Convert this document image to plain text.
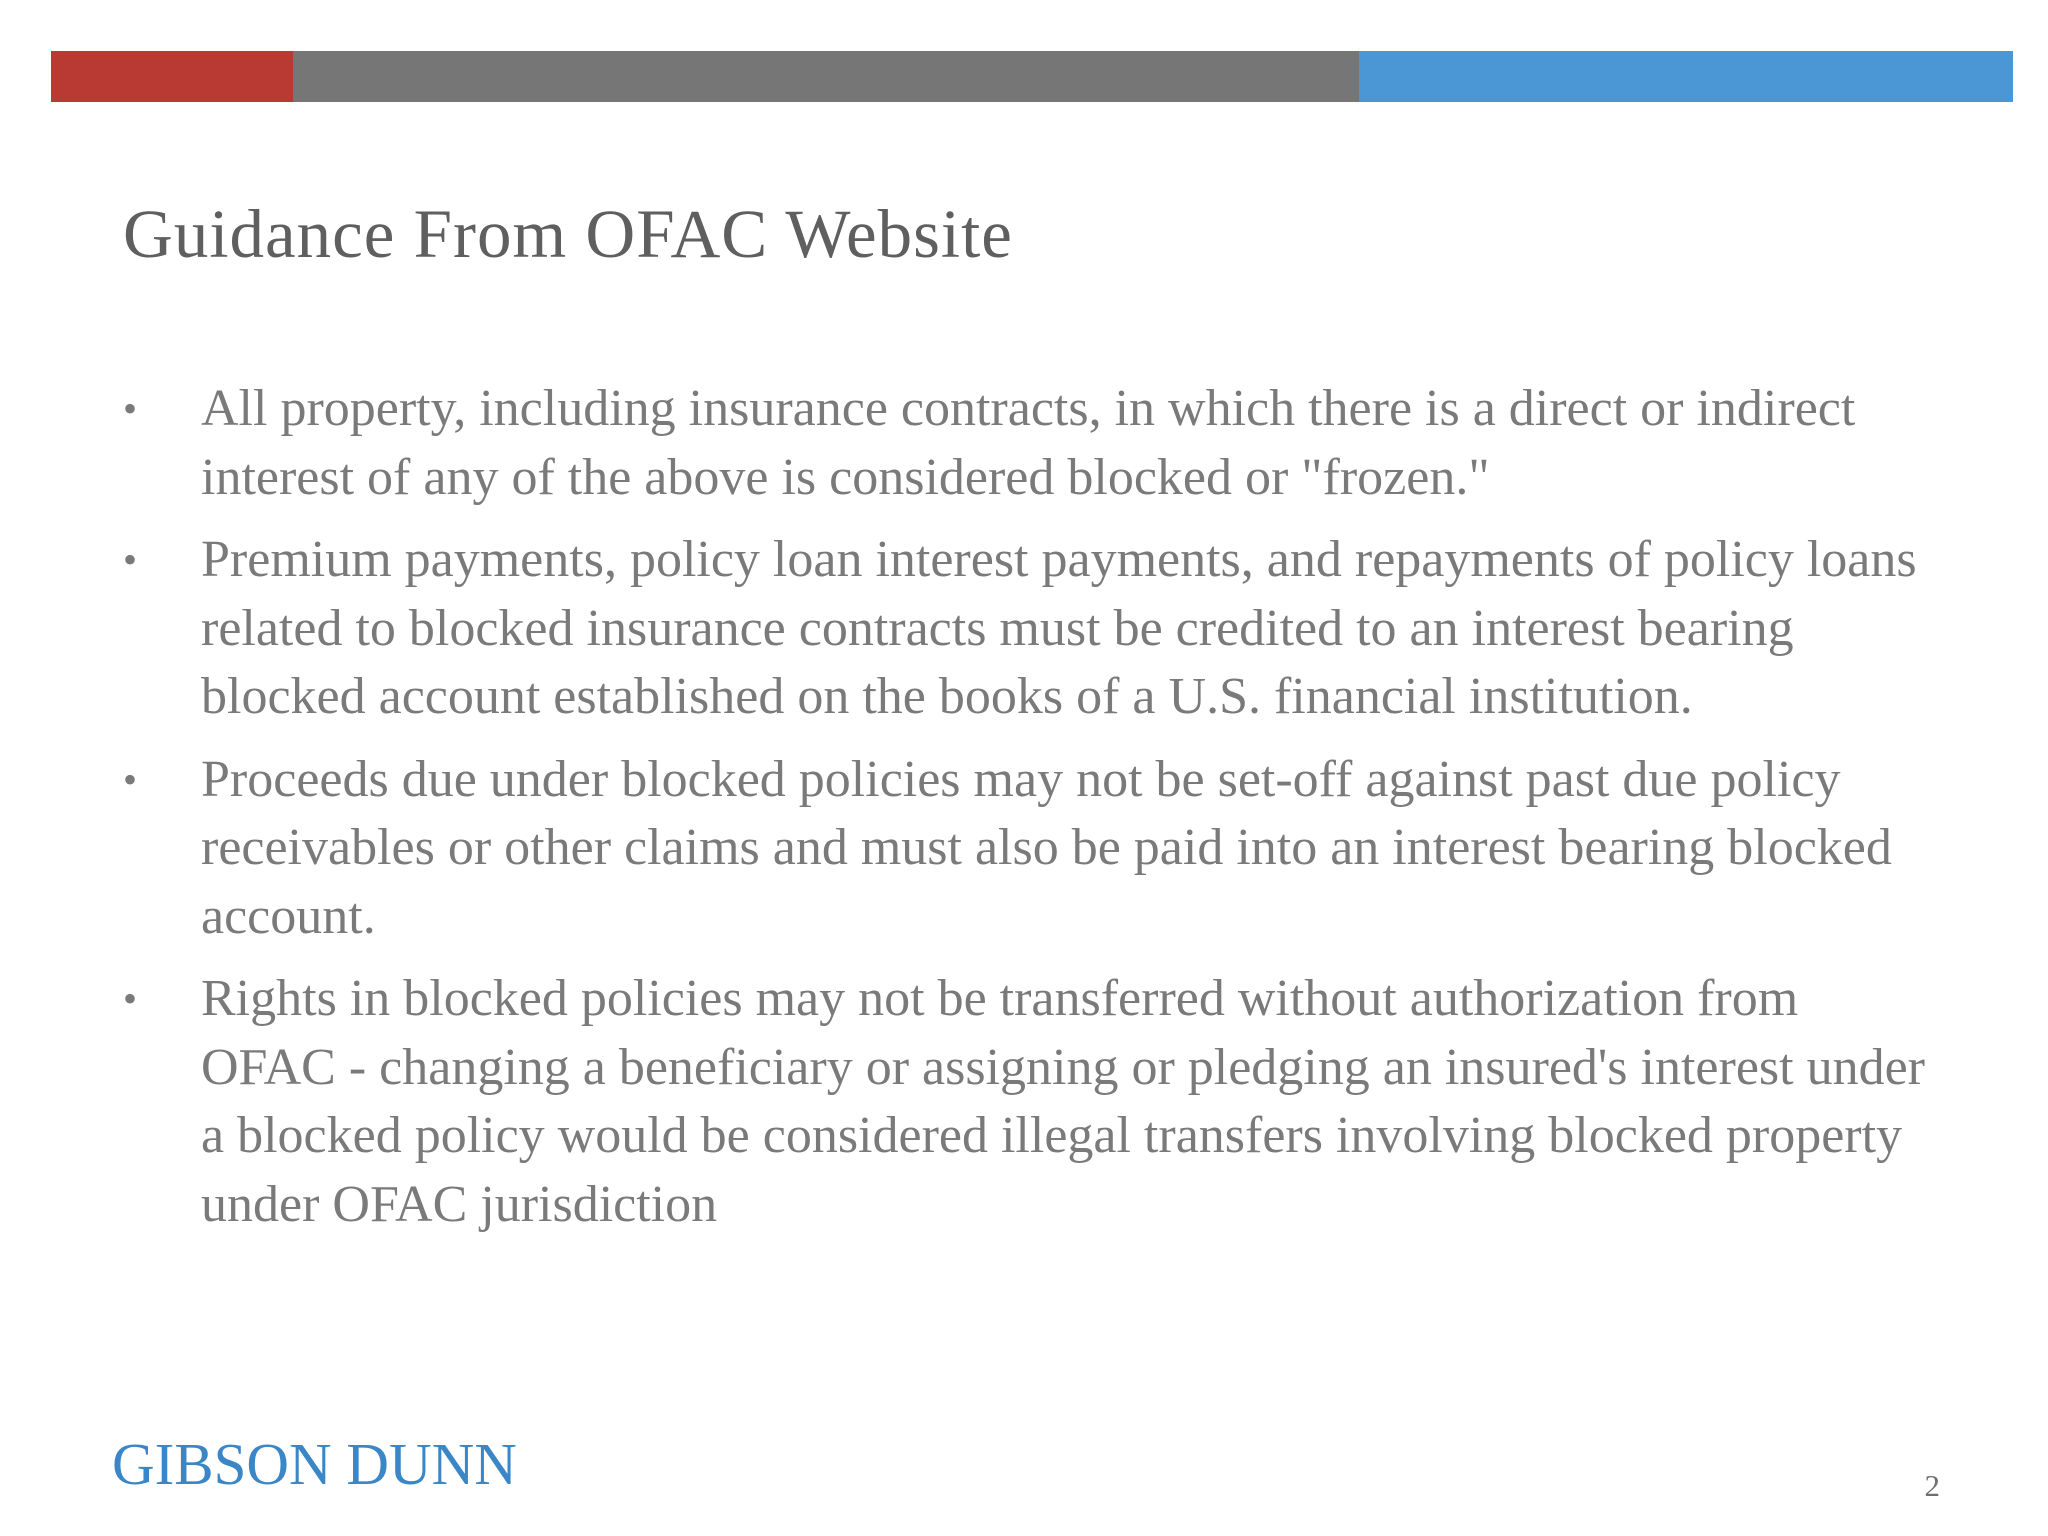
Guidance From OFAC Website
•	All property, including insurance contracts, in which there is a direct or indirect interest of any of the above is considered blocked or "frozen."
•	Premium payments, policy loan interest payments, and repayments of policy loans related to blocked insurance contracts must be credited to an interest bearing blocked account established on the books of a U.S. financial institution.
•	Proceeds due under blocked policies may not be set-off against past due policy receivables or other claims and must also be paid into an interest bearing blocked account.
•	Rights in blocked policies may not be transferred without authorization from OFAC - changing a beneficiary or assigning or pledging an insured's interest under a blocked policy would be considered illegal transfers involving blocked property under OFAC jurisdiction
GIBSON DUNN	2
